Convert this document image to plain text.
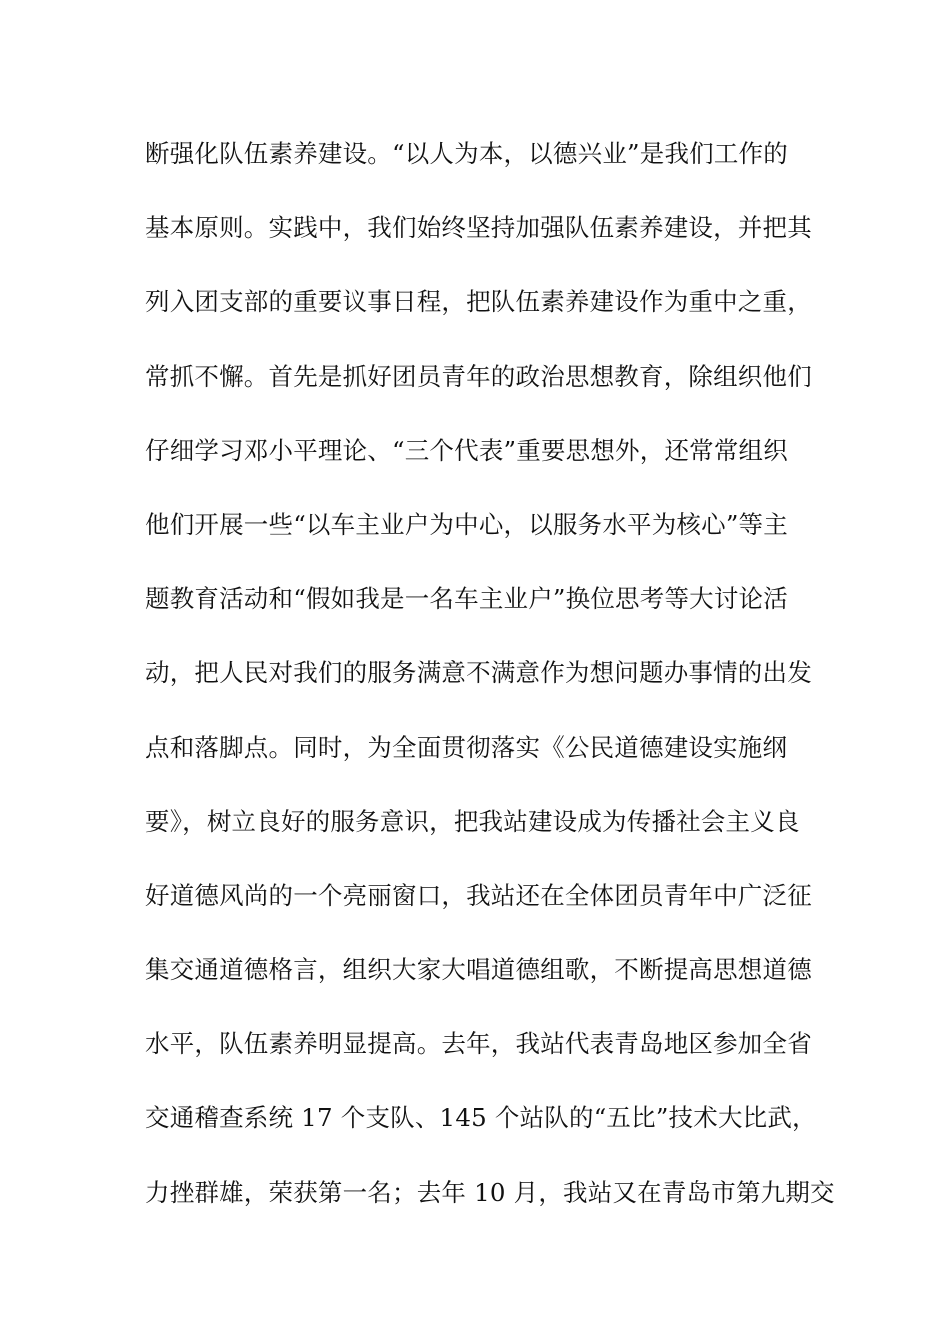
断强化队伍素养建设。“以人为本，以德兴业”是我们工作的
基本原则。实践中，我们始终坚持加强队伍素养建设，并把其
列入团支部的重要议事日程，把队伍素养建设作为重中之重，
常抓不懈。首先是抓好团员青年的政治思想教育，除组织他们
仔细学习邓小平理论、“三个代表”重要思想外，还常常组织
他们开展一些“以车主业户为中心，以服务水平为核心”等主
题教育活动和“假如我是一名车主业户”换位思考等大讨论活
动，把人民对我们的服务满意不满意作为想问题办事情的出发
点和落脚点。同时，为全面贯彻落实《公民道德建设实施纲
要》，树立良好的服务意识，把我站建设成为传播社会主义良
好道德风尚的一个亮丽窗口，我站还在全体团员青年中广泛征
集交通道德格言，组织大家大唱道德组歌，不断提高思想道德
水平，队伍素养明显提高。去年，我站代表青岛地区参加全省
交通稽查系统 17 个支队、145 个站队的“五比”技术大比武，
力挫群雄，荣获第一名；去年 10 月，我站又在青岛市第九期交
